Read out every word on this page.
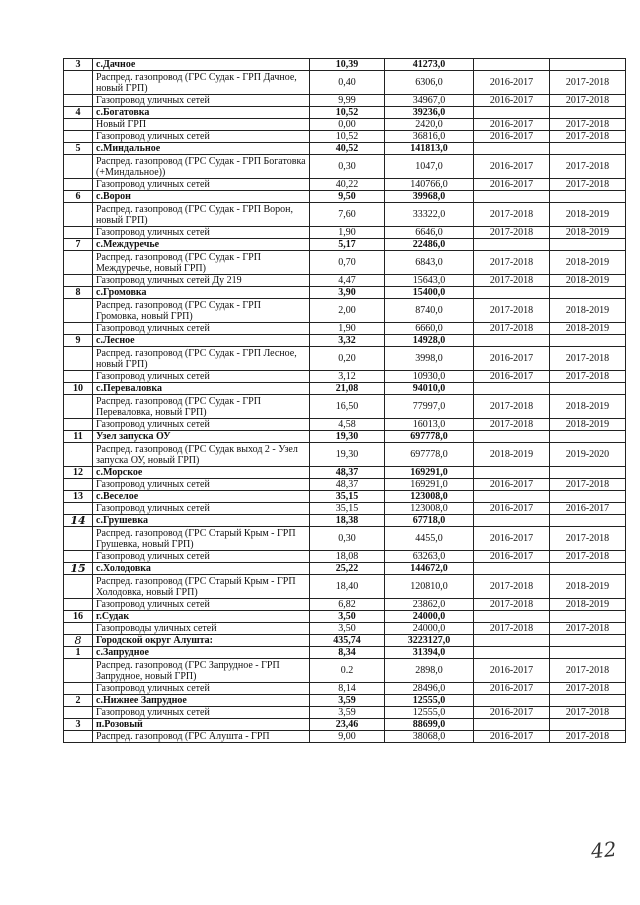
3	с.Дачное	10,39	41273,0		
	Распред. газопровод (ГРС Судак - ГРП Дачное, новый ГРП)	0,40	6306,0	2016-2017	2017-2018
	Газопровод уличных сетей	9,99	34967,0	2016-2017	2017-2018
4	с.Богатовка	10,52	39236,0		
	Новый ГРП	0,00	2420,0	2016-2017	2017-2018
	Газопровод уличных сетей	10,52	36816,0	2016-2017	2017-2018
5	с.Миндальное	40,52	141813,0		
	Распред. газопровод (ГРС Судак - ГРП Богатовка (+Миндальное))	0,30	1047,0	2016-2017	2017-2018
	Газопровод уличных сетей	40,22	140766,0	2016-2017	2017-2018
6	с.Ворон	9,50	39968,0		
	Распред. газопровод (ГРС Судак - ГРП Ворон, новый ГРП)	7,60	33322,0	2017-2018	2018-2019
	Газопровод уличных сетей	1,90	6646,0	2017-2018	2018-2019
7	с.Междуречье	5,17	22486,0		
	Распред. газопровод (ГРС Судак - ГРП Междуречье, новый ГРП)	0,70	6843,0	2017-2018	2018-2019
	Газопровод уличных сетей Ду 219	4,47	15643,0	2017-2018	2018-2019
8	с.Громовка	3,90	15400,0		
	Распред. газопровод (ГРС Судак - ГРП Громовка, новый ГРП)	2,00	8740,0	2017-2018	2018-2019
	Газопровод уличных сетей	1,90	6660,0	2017-2018	2018-2019
9	с.Лесное	3,32	14928,0		
	Распред. газопровод (ГРС Судак - ГРП Лесное, новый ГРП)	0,20	3998,0	2016-2017	2017-2018
	Газопровод уличных сетей	3,12	10930,0	2016-2017	2017-2018
10	с.Переваловка	21,08	94010,0		
	Распред. газопровод (ГРС Судак - ГРП Переваловка, новый ГРП)	16,50	77997,0	2017-2018	2018-2019
	Газопровод уличных сетей	4,58	16013,0	2017-2018	2018-2019
11	Узел запуска ОУ	19,30	697778,0		
	Распред. газопровод (ГРС Судак выход 2 - Узел запуска ОУ, новый ГРП)	19,30	697778,0	2018-2019	2019-2020
12	с.Морское	48,37	169291,0		
	Газопровод уличных сетей	48,37	169291,0	2016-2017	2017-2018
13	с.Веселое	35,15	123008,0		
	Газопровод уличных сетей	35,15	123008,0	2016-2017	2016-2017
14	с.Грушевка	18,38	67718,0		
	Распред. газопровод (ГРС Старый Крым - ГРП Грушевка, новый ГРП)	0,30	4455,0	2016-2017	2017-2018
	Газопровод уличных сетей	18,08	63263,0	2016-2017	2017-2018
15	с.Холодовка	25,22	144672,0		
	Распред. газопровод (ГРС Старый Крым - ГРП Холодовка, новый ГРП)	18,40	120810,0	2017-2018	2018-2019
	Газопровод уличных сетей	6,82	23862,0	2017-2018	2018-2019
16	г.Судак	3,50	24000,0		
	Газопроводы уличных сетей	3,50	24000,0	2017-2018	2017-2018
8	Городской округ Алушта:	435,74	3223127,0		
1	с.Запрудное	8,34	31394,0		
	Распред. газопровод (ГРС Запрудное - ГРП Запрудное, новый ГРП)	0.2	2898,0	2016-2017	2017-2018
	Газопровод уличных сетей	8,14	28496,0	2016-2017	2017-2018
2	с.Нижнее Запрудное	3,59	12555,0		
	Газопровод уличных сетей	3,59	12555,0	2016-2017	2017-2018
3	п.Розовый	23,46	88699,0		
	Распред. газопровод (ГРС Алушта - ГРП	9,00	38068,0	2016-2017	2017-2018
42
